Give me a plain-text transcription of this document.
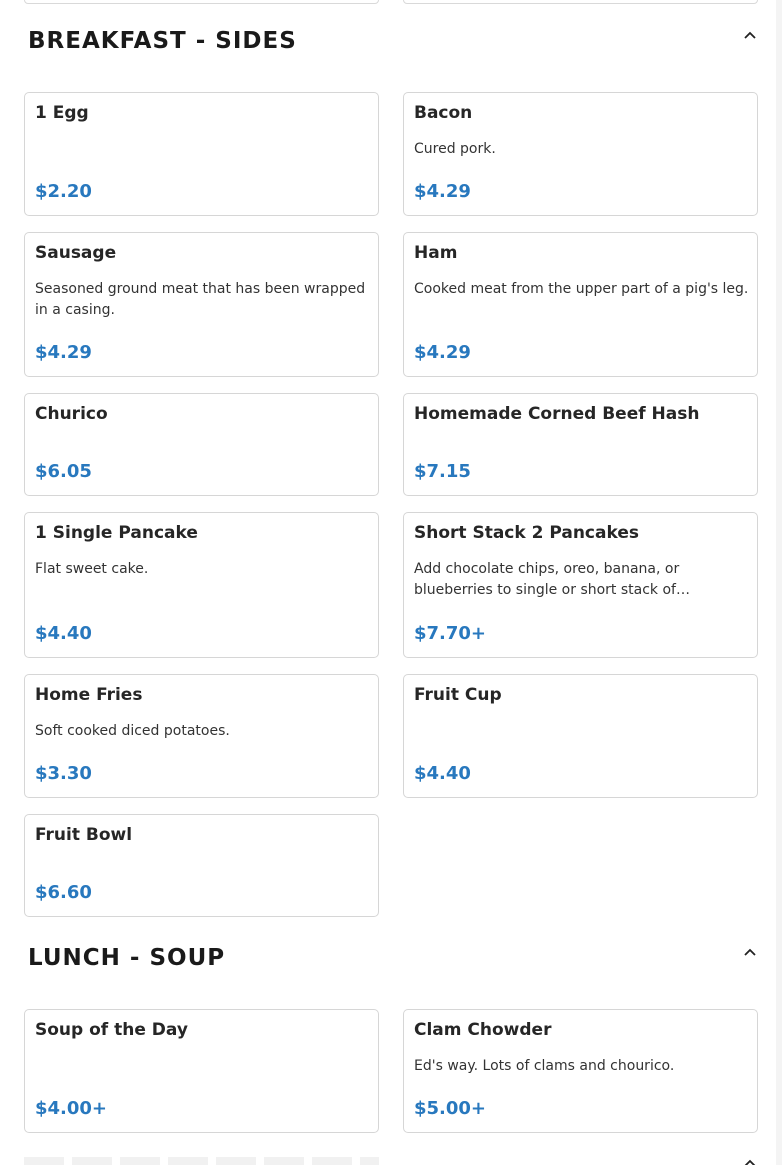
BREAKFAST - SIDES
1 Egg
$2.20
Bacon
Cured pork.
$4.29
Sausage
Seasoned ground meat that has been wrapped in a casing.
$4.29
Ham
Cooked meat from the upper part of a pig's leg.
$4.29
Churico
$6.05
Homemade Corned Beef Hash
$7.15
1 Single Pancake
Flat sweet cake.
$4.40
Short Stack 2 Pancakes
Add chocolate chips, oreo, banana, or blueberries to single or short stack of…
$7.70+
Home Fries
Soft cooked diced potatoes.
$3.30
Fruit Cup
$4.40
Fruit Bowl
$6.60
LUNCH - SOUP
Soup of the Day
$4.00+
Clam Chowder
Ed's way. Lots of clams and chourico.
$5.00+
